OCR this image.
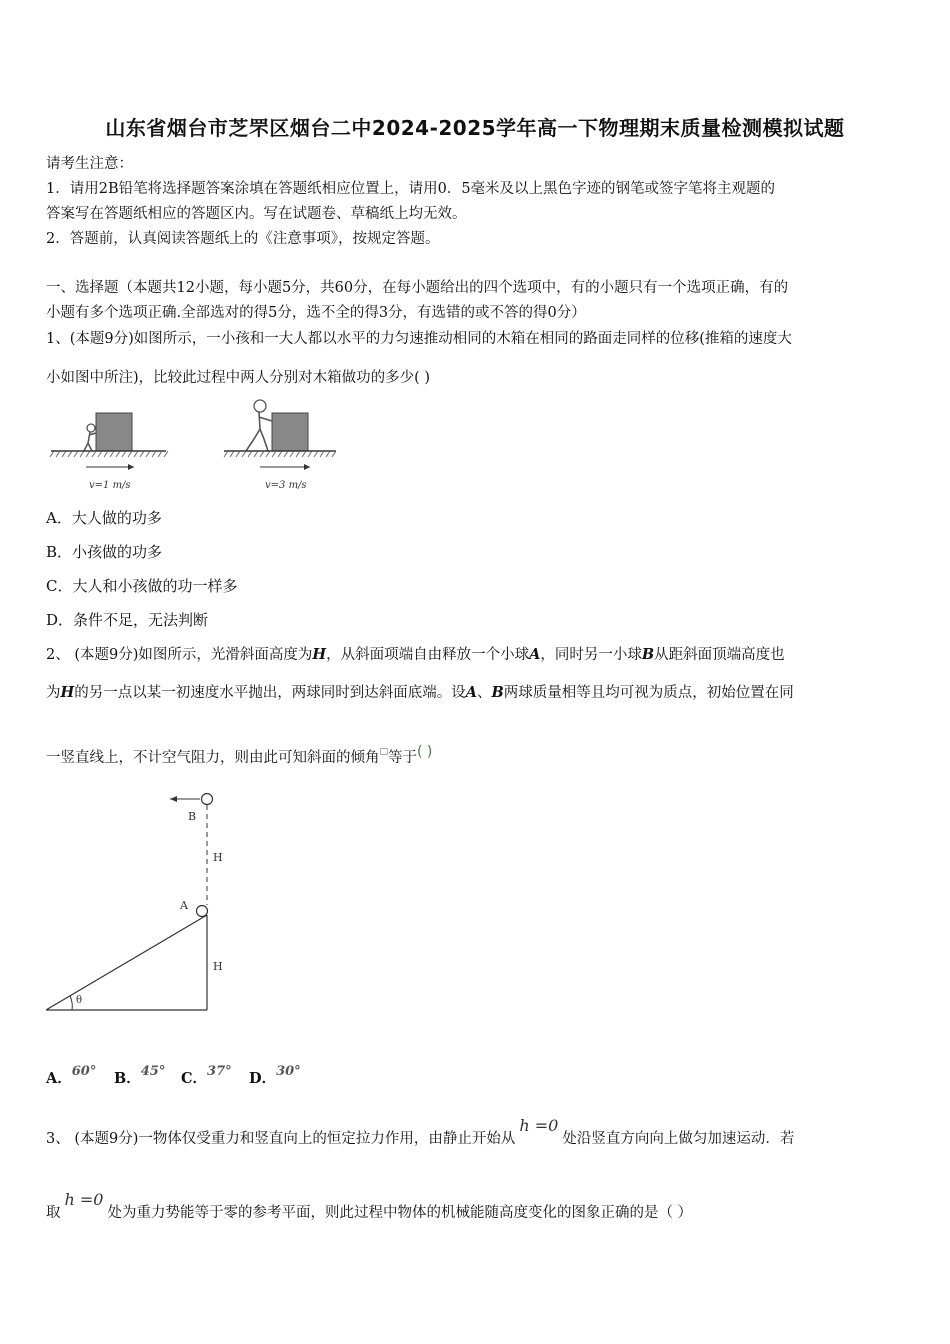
山东省烟台市芝罘区烟台二中2024-2025学年高一下物理期末质量检测模拟试题
请考生注意：
1．请用2B铅笔将选择题答案涂填在答题纸相应位置上，请用0．5毫米及以上黑色字迹的钢笔或签字笔将主观题的
答案写在答题纸相应的答题区内。写在试题卷、草稿纸上均无效。
2．答题前，认真阅读答题纸上的《注意事项》，按规定答题。
一、选择题（本题共12小题，每小题5分，共60分，在每小题给出的四个选项中，有的小题只有一个选项正确，有的
小题有多个选项正确.全部选对的得5分，选不全的得3分，有选错的或不答的得0分）
1、(本题9分)如图所示，一小孩和一大人都以水平的力匀速推动相同的木箱在相同的路面走同样的位移(推箱的速度大
小如图中所注)，比较此过程中两人分别对木箱做功的多少( )
v=1 m/s	v=3 m/s
A．大人做的功多
B．小孩做的功多
C．大人和小孩做的功一样多
D．条件不足，无法判断
2、 (本题9分)如图所示，光滑斜面高度为H，从斜面项端自由释放一个小球A，同时另一小球B从距斜面顶端高度也
为H的另一点以某一初速度水平抛出，两球同时到达斜面底端。设A、B两球质量相等且均可视为质点，初始位置在同
一竖直线上，不计空气阻力，则由此可知斜面的倾角□等于( )
B
H
A
H
θ
A．60° B．45° C．37° D．30°
3、 (本题9分)一物体仅受重力和竖直向上的恒定拉力作用，由静止开始从h =0处沿竖直方向向上做匀加速运动．若
取h =0处为重力势能等于零的参考平面，则此过程中物体的机械能随高度变化的图象正确的是（ ）
